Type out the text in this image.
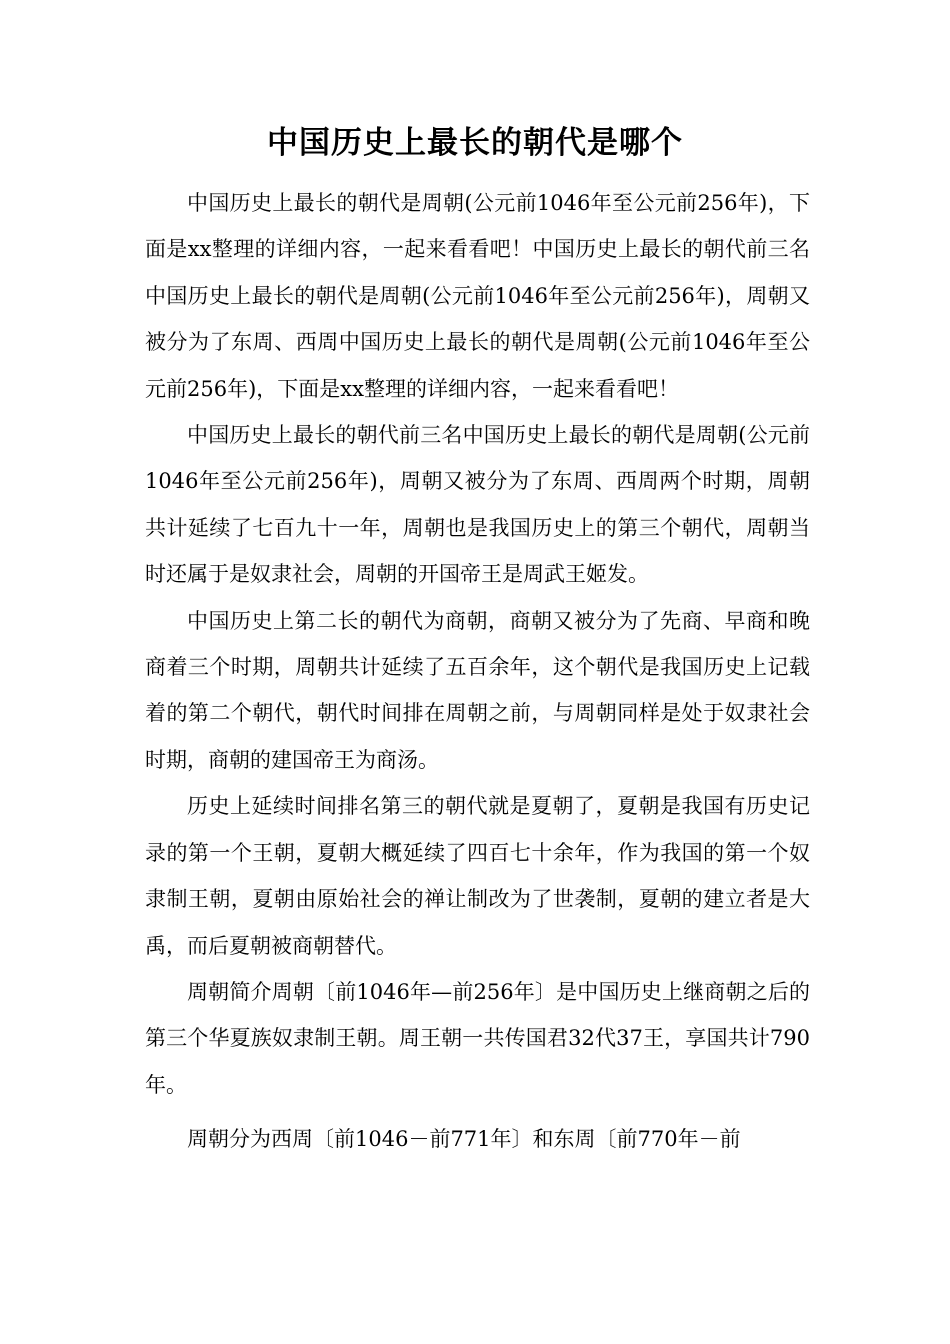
中国历史上最长的朝代是哪个

中国历史上最长的朝代是周朝(公元前1046年至公元前256年)，下面是xx整理的详细内容，一起来看看吧！中国历史上最长的朝代前三名中国历史上最长的朝代是周朝(公元前1046年至公元前256年)，周朝又被分为了东周、西周中国历史上最长的朝代是周朝(公元前1046年至公元前256年)，下面是xx整理的详细内容，一起来看看吧！

中国历史上最长的朝代前三名中国历史上最长的朝代是周朝(公元前1046年至公元前256年)，周朝又被分为了东周、西周两个时期，周朝共计延续了七百九十一年，周朝也是我国历史上的第三个朝代，周朝当时还属于是奴隶社会，周朝的开国帝王是周武王姬发。

中国历史上第二长的朝代为商朝，商朝又被分为了先商、早商和晚商着三个时期，周朝共计延续了五百余年，这个朝代是我国历史上记载着的第二个朝代，朝代时间排在周朝之前，与周朝同样是处于奴隶社会时期，商朝的建国帝王为商汤。

历史上延续时间排名第三的朝代就是夏朝了，夏朝是我国有历史记录的第一个王朝，夏朝大概延续了四百七十余年，作为我国的第一个奴隶制王朝，夏朝由原始社会的禅让制改为了世袭制，夏朝的建立者是大禹，而后夏朝被商朝替代。

周朝简介周朝〔前1046年—前256年〕是中国历史上继商朝之后的第三个华夏族奴隶制王朝。周王朝一共传国君32代37王，享国共计790年。

周朝分为西周〔前1046－前771年〕和东周〔前770年－前
